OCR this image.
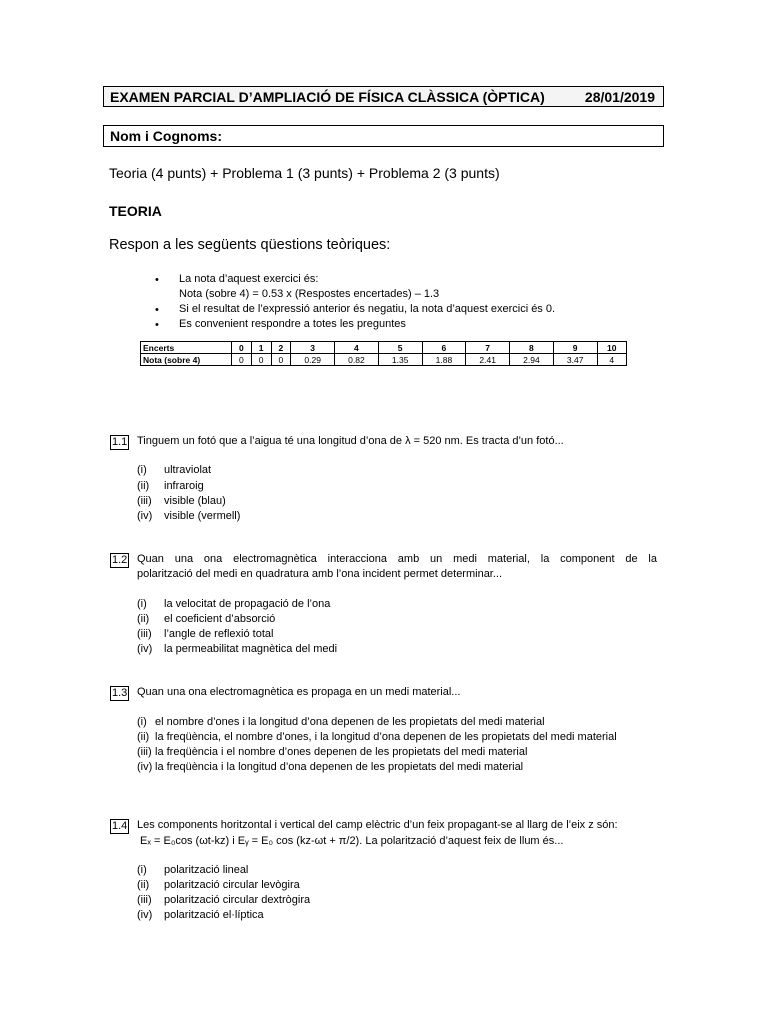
EXAMEN PARCIAL D’AMPLIACIÓ DE FÍSICA CLÀSSICA (ÒPTICA)	28/01/2019
Nom i Cognoms:
Teoria (4 punts) + Problema 1 (3 punts) + Problema 2 (3 punts)
TEORIA
Respon a les següents qüestions teòriques:
• La nota d’aquest exercici és:
Nota (sobre 4) = 0.53 x (Respostes encertades) – 1.3
• Si el resultat de l’expressió anterior és negatiu, la nota d’aquest exercici és 0.
• Es convenient respondre a totes les preguntes
Encerts	0	1	2	3	4	5	6	7	8	9	10
Nota (sobre 4)	0	0	0	0.29	0.82	1.35	1.88	2.41	2.94	3.47	4
1.1 Tinguem un fotó que a l’aigua té una longitud d’ona de λ = 520 nm. Es tracta d’un fotó...
(i) ultraviolat
(ii) infraroig
(iii) visible (blau)
(iv) visible (vermell)
1.2 Quan una ona electromagnètica interacciona amb un medi material, la component de la
polarització del medi en quadratura amb l’ona incident permet determinar...
(i) la velocitat de propagació de l’ona
(ii) el coeficient d’absorció
(iii) l’angle de reflexió total
(iv) la permeabilitat magnètica del medi
1.3 Quan una ona electromagnètica es propaga en un medi material...
(i) el nombre d’ones i la longitud d’ona depenen de les propietats del medi material
(ii) la freqüència, el nombre d’ones, i la longitud d’ona depenen de les propietats del medi material
(iii) la freqüència i el nombre d’ones depenen de les propietats del medi material
(iv) la freqüència i la longitud d’ona depenen de les propietats del medi material
1.4 Les components horitzontal i vertical del camp elèctric d’un feix propagant-se al llarg de l’eix z són:
Eₓ = E₀cos (ωt-kz) i Eᵧ = E₀ cos (kz-ωt + π/2). La polarització d’aquest feix de llum és...
(i) polarització lineal
(ii) polarització circular levògira
(iii) polarització circular dextrògira
(iv) polarització el·líptica
